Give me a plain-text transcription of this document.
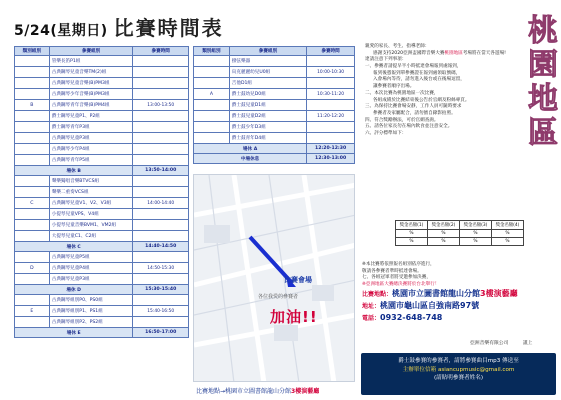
5/24(星期日) 比賽時間表
類別組別	參賽組別	參賽時間
	管樂長笛P1組	
	古典鋼琴兒童音樂TM(2)組	
	古典鋼琴兒童音樂(B)PM3組	
	古典鋼琴少年音樂(B)PM3組	
B	古典鋼琴青年音樂(B)PM4組	13:00-13:50
	爵士鋼琴兒童P1、P2組	
	爵士鋼琴青年P3組	
	古典鋼琴兒童P3組	
	古典鋼琴少年P4組	
	古典鋼琴青年P5組	
場休 B		13:50-14:00
	聲樂獨唱音樂BTVCS組	
	聲樂二重奏VCS組	
C	古典鋼琴兒童V1、V2、V3組	14:00-14:40
	小提琴兒童VPS、V4組	
	小提琴兒童音樂BVM1、VM2組	
	大提琴兒童C1、C2組	
場休 C		14:40-14:50
	古典鋼琴兒童P5組	
D	古典鋼琴兒童P4組	14:50-15:30
	古典鋼琴兒童P3組	
場休 D		15:30-15:40
	古典鋼琴組別P0、PS0組	
E	古典鋼琴組別P1、PS1組	15:40-16:50
	古典鋼琴組別P2、PS2組	
場休 E		16:50-17:00
類別組別	參賽組別	參賽時間
	撥弦樂器	
	烏克麗麗幼兒U0組	10:00-10:30
	吉他D1組	
A	爵士鼓幼兒D0組	10:30-11:20
	爵士鼓兒童D1組	
	爵士鼓兒童D2組	11:20-12:20
	爵士鼓少年D3組	
	爵士鼓青年D4組	
場休 A		12:20-12:30
中場休息		12:30-13:00
比賽會場
各位我愛的參賽者
加油!!
比賽地點→桃園市立圖書館龍山分館3樓演藝廳
桃園地區

親愛的家長、考生、指導老師：

感謝支持2020亞洲盃國際音樂大賽桃園地區考場將在當天各遊場!

達請注意下列事項：

一、參賽者請提早半小時抵達會場報到處報到，

報到後憑報到單參賽證在報到處領取號碼，

入會場內等待，請勿進入後台或在後場逗留，

讓參賽者順序出場。

二、本次比賽為桃園地區一次比賽，

各組成績於比賽結束後公告於官網及粉絲專頁。

三、為保持比賽會場安靜，工作人員可隨時要求

參賽者及家屬配合，請勿擅自錄影拍照。

四、符合獎勵辦法，可於官網查詢。

五、請各位家長勿在場內飲食並注意安全。

六、評分標準如下：

獎金名額(1)	獎金名額(2)	獎金名額(3)	獎金名額(4)
%	%	%	%
%	%	%	%
※本比賽將依照報名組別依序進行，
敬請各參賽者準時抵達會場。
七、各組冠軍者將受邀參加決賽，
※亞洲地區大賽總決賽將於台北舉行！
比賽地點：桃園市立圖書館龍山分館3樓演藝廳
地址：桃園市龜山區自強南路97號
電話：0932-648-748
亞洲音樂有限公司　　　謹上
爵士鼓參賽的參賽者，請將參賽曲目mp3 傳送至
主辦單位信箱 asiancupmusic@gmail.com
(請貼明參賽者姓名)
